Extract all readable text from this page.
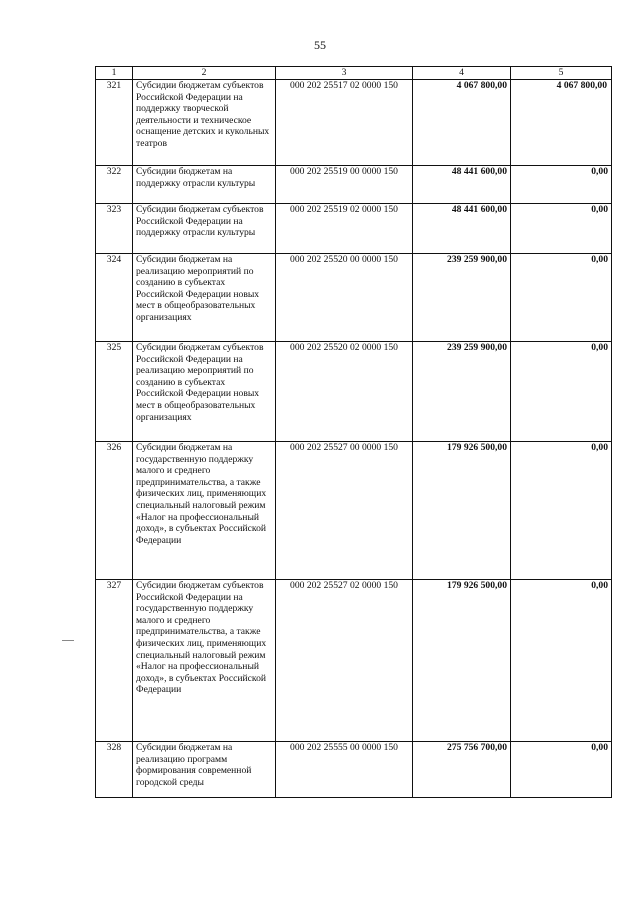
55
1	2	3	4	5
321	Субсидии бюджетам субъектов Российской Федерации на поддержку творческой деятельности и техническое оснащение детских и кукольных театров	000 202 25517 02 0000 150	4 067 800,00	4 067 800,00
322	Субсидии бюджетам на поддержку отрасли культуры	000 202 25519 00 0000 150	48 441 600,00	0,00
323	Субсидии бюджетам субъектов Российской Федерации на поддержку отрасли культуры	000 202 25519 02 0000 150	48 441 600,00	0,00
324	Субсидии бюджетам на реализацию мероприятий по созданию в субъектах Российской Федерации новых мест в общеобразовательных организациях	000 202 25520 00 0000 150	239 259 900,00	0,00
325	Субсидии бюджетам субъектов Российской Федерации на реализацию мероприятий по созданию в субъектах Российской Федерации новых мест в общеобразовательных организациях	000 202 25520 02 0000 150	239 259 900,00	0,00
326	Субсидии бюджетам на государственную поддержку малого и среднего предпринимательства, а также физических лиц, применяющих специальный налоговый режим «Налог на профессиональный доход», в субъектах Российской Федерации	000 202 25527 00 0000 150	179 926 500,00	0,00
327	Субсидии бюджетам субъектов Российской Федерации на государственную поддержку малого и среднего предпринимательства, а также физических лиц, применяющих специальный налоговый режим «Налог на профессиональный доход», в субъектах Российской Федерации	000 202 25527 02 0000 150	179 926 500,00	0,00
328	Субсидии бюджетам на реализацию программ формирования современной городской среды	000 202 25555 00 0000 150	275 756 700,00	0,00
